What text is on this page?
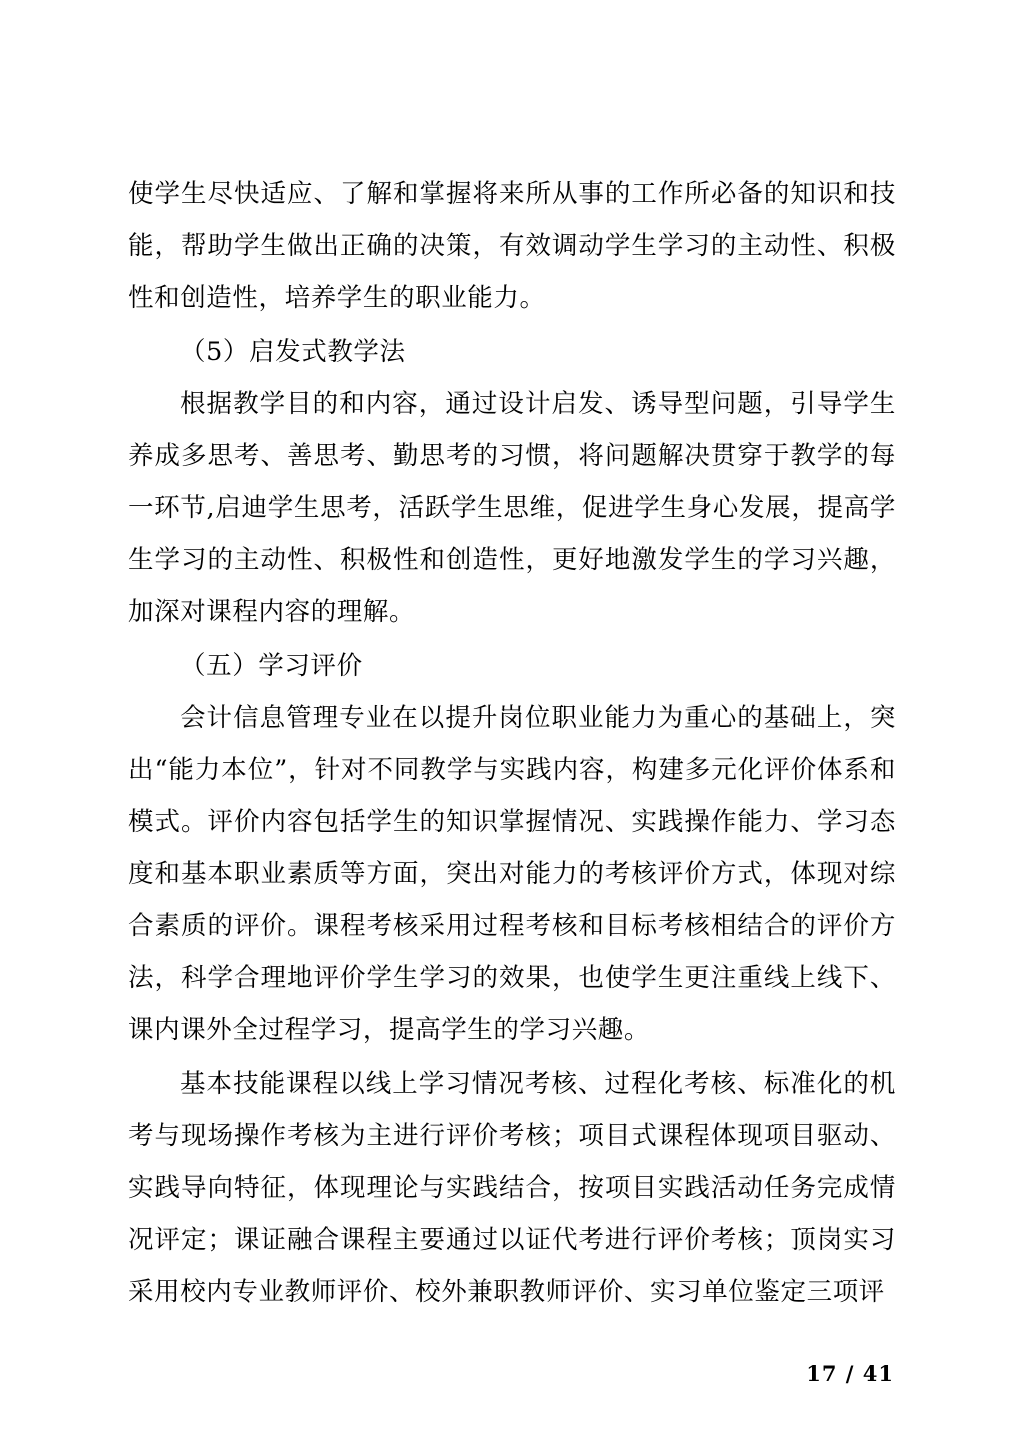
使学生尽快适应、了解和掌握将来所从事的工作所必备的知识和技能，帮助学生做出正确的决策，有效调动学生学习的主动性、积极性和创造性，培养学生的职业能力。

（5）启发式教学法

根据教学目的和内容，通过设计启发、诱导型问题，引导学生养成多思考、善思考、勤思考的习惯，将问题解决贯穿于教学的每一环节,启迪学生思考，活跃学生思维，促进学生身心发展，提高学生学习的主动性、积极性和创造性，更好地激发学生的学习兴趣，加深对课程内容的理解。

（五）学习评价

会计信息管理专业在以提升岗位职业能力为重心的基础上，突出“能力本位”，针对不同教学与实践内容，构建多元化评价体系和模式。评价内容包括学生的知识掌握情况、实践操作能力、学习态度和基本职业素质等方面，突出对能力的考核评价方式，体现对综合素质的评价。课程考核采用过程考核和目标考核相结合的评价方法，科学合理地评价学生学习的效果，也使学生更注重线上线下、课内课外全过程学习，提高学生的学习兴趣。

基本技能课程以线上学习情况考核、过程化考核、标准化的机考与现场操作考核为主进行评价考核；项目式课程体现项目驱动、实践导向特征，体现理论与实践结合，按项目实践活动任务完成情况评定；课证融合课程主要通过以证代考进行评价考核；顶岗实习采用校内专业教师评价、校外兼职教师评价、实习单位鉴定三项评

17 / 41
